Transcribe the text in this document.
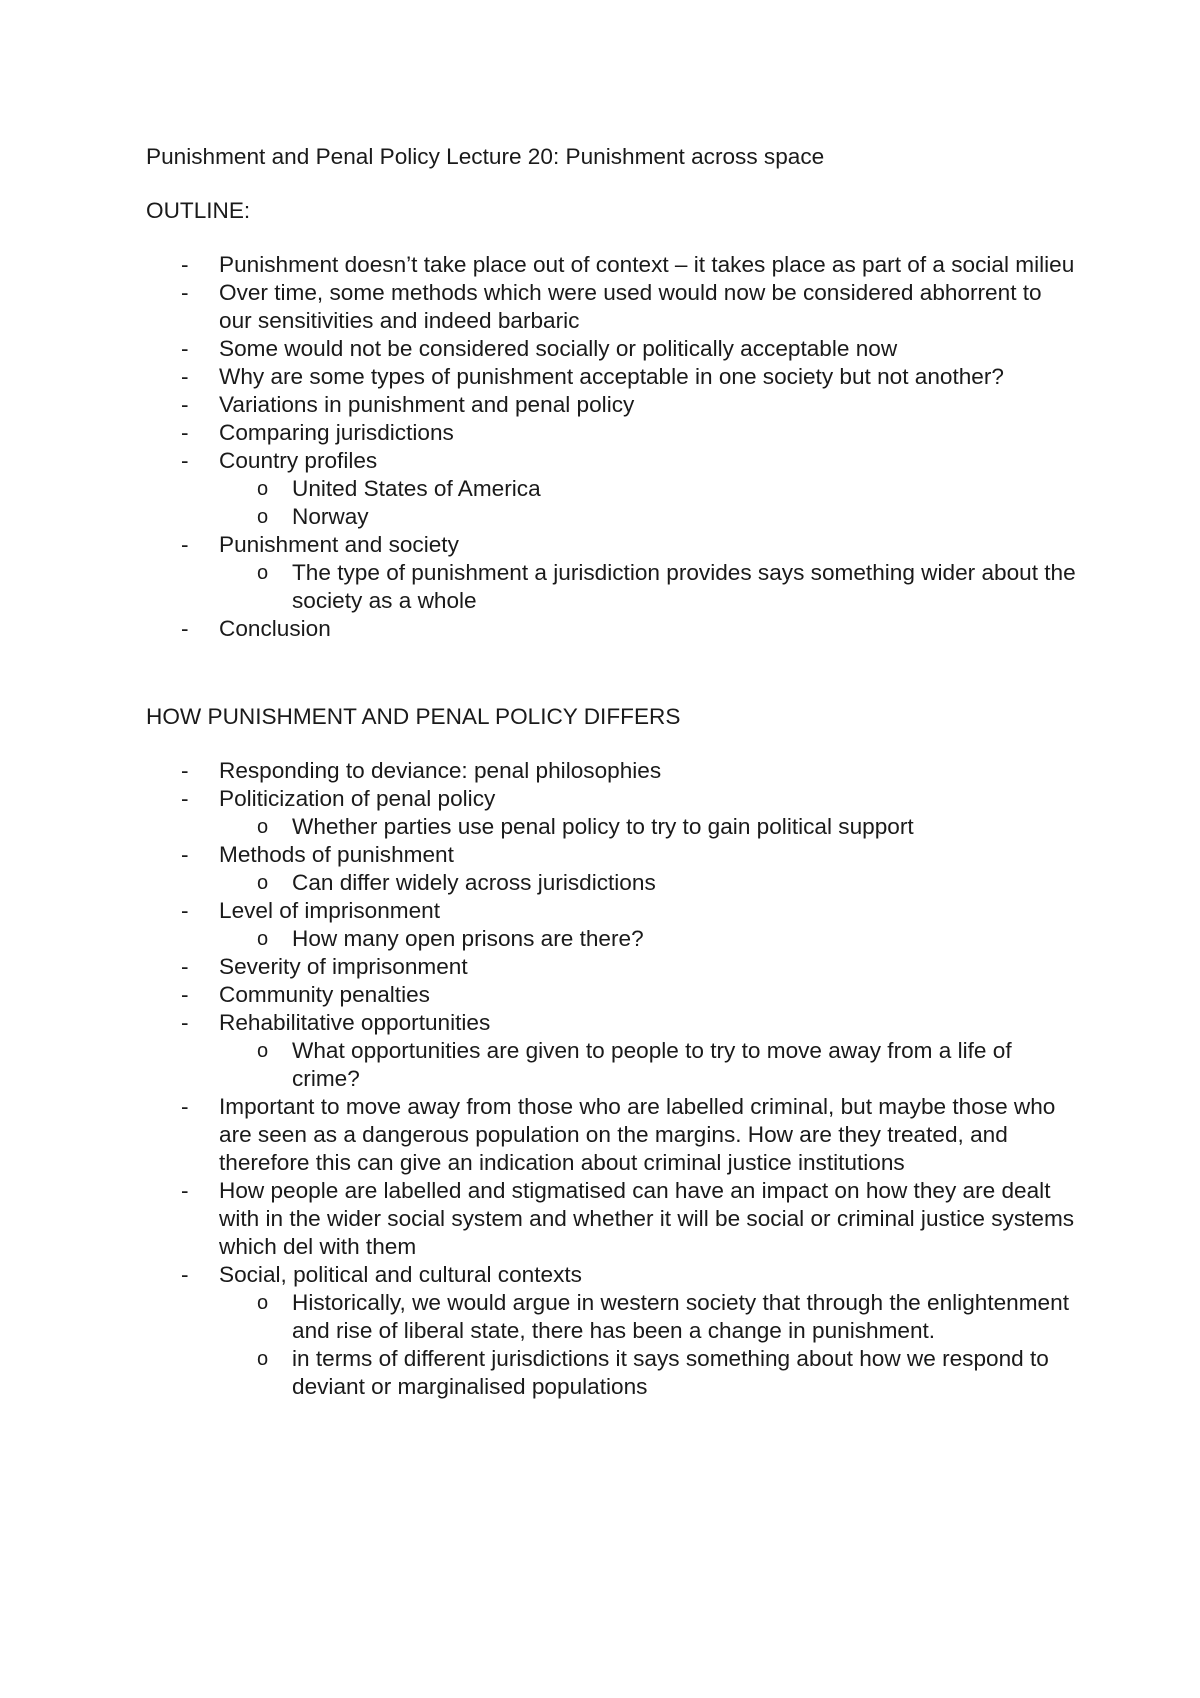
Punishment and Penal Policy Lecture 20: Punishment across space

OUTLINE:

- Punishment doesn’t take place out of context – it takes place as part of a social milieu
- Over time, some methods which were used would now be considered abhorrent to our sensitivities and indeed barbaric
- Some would not be considered socially or politically acceptable now
- Why are some types of punishment acceptable in one society but not another?
- Variations in punishment and penal policy
- Comparing jurisdictions
- Country profiles
o United States of America
o Norway
- Punishment and society
o The type of punishment a jurisdiction provides says something wider about the society as a whole
- Conclusion

HOW PUNISHMENT AND PENAL POLICY DIFFERS

- Responding to deviance: penal philosophies
- Politicization of penal policy
o Whether parties use penal policy to try to gain political support
- Methods of punishment
o Can differ widely across jurisdictions
- Level of imprisonment
o How many open prisons are there?
- Severity of imprisonment
- Community penalties
- Rehabilitative opportunities
o What opportunities are given to people to try to move away from a life of crime?
- Important to move away from those who are labelled criminal, but maybe those who are seen as a dangerous population on the margins. How are they treated, and therefore this can give an indication about criminal justice institutions
- How people are labelled and stigmatised can have an impact on how they are dealt with in the wider social system and whether it will be social or criminal justice systems which del with them
- Social, political and cultural contexts
o Historically, we would argue in western society that through the enlightenment and rise of liberal state, there has been a change in punishment.
o in terms of different jurisdictions it says something about how we respond to deviant or marginalised populations
